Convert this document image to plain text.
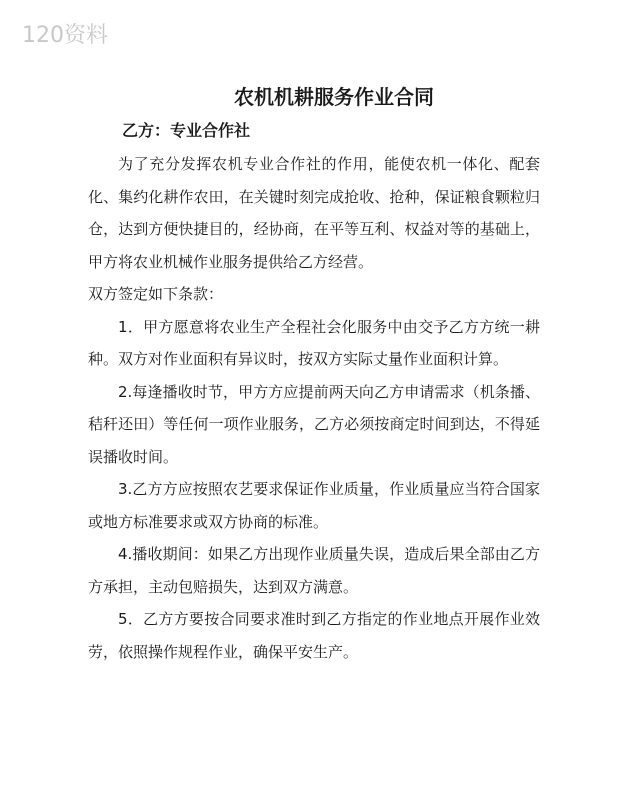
120资料
农机机耕服务作业合同

乙方：专业合作社

为了充分发挥农机专业合作社的作用，能使农机一体化、配套化、集约化耕作农田，在关键时刻完成抢收、抢种，保证粮食颗粒归仓，达到方便快捷目的，经协商，在平等互利、权益对等的基础上，甲方将农业机械作业服务提供给乙方经营。

双方签定如下条款：

1．甲方愿意将农业生产全程社会化服务中由交予乙方方统一耕种。双方对作业面积有异议时，按双方实际丈量作业面积计算。

2.每逢播收时节，甲方方应提前两天向乙方申请需求（机条播、秸秆还田）等任何一项作业服务，乙方必须按商定时间到达，不得延误播收时间。

3.乙方方应按照农艺要求保证作业质量，作业质量应当符合国家或地方标准要求或双方协商的标准。

4.播收期间：如果乙方出现作业质量失误，造成后果全部由乙方方承担，主动包赔损失，达到双方满意。

5．乙方方要按合同要求准时到乙方指定的作业地点开展作业效劳，依照操作规程作业，确保平安生产。
